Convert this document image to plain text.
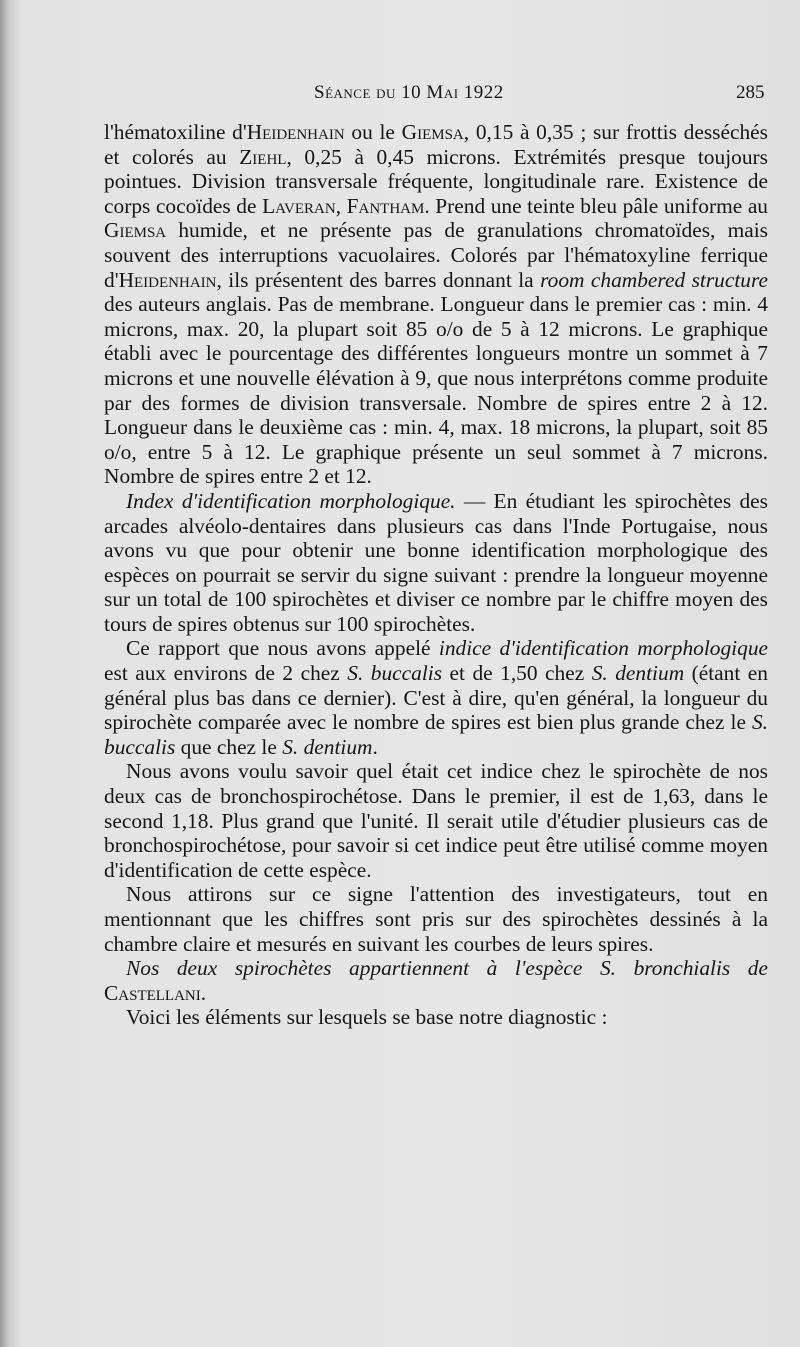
Séance du 10 Mai 1922	285

l'hématoxiline d'Heidenhain ou le Giemsa, 0,15 à 0,35 ; sur frottis desséchés et colorés au Ziehl, 0,25 à 0,45 microns. Extrémités presque toujours pointues. Division transversale fréquente, longitudinale rare. Existence de corps cocoïdes de Laveran, Fantham. Prend une teinte bleu pâle uniforme au Giemsa humide, et ne présente pas de granulations chromatoïdes, mais souvent des interruptions vacuolaires. Colorés par l'hématoxyline ferrique d'Heidenhain, ils présentent des barres donnant la room chambered structure des auteurs anglais. Pas de membrane. Longueur dans le premier cas : min. 4 microns, max. 20, la plupart soit 85 o/o de 5 à 12 microns. Le graphique établi avec le pourcentage des différentes longueurs montre un sommet à 7 microns et une nouvelle élévation à 9, que nous interprétons comme produite par des formes de division transversale. Nombre de spires entre 2 à 12. Longueur dans le deuxième cas : min. 4, max. 18 microns, la plupart, soit 85 o/o, entre 5 à 12. Le graphique présente un seul sommet à 7 microns. Nombre de spires entre 2 et 12.

Index d'identification morphologique. — En étudiant les spirochètes des arcades alvéolo-dentaires dans plusieurs cas dans l'Inde Portugaise, nous avons vu que pour obtenir une bonne identification morphologique des espèces on pourrait se servir du signe suivant : prendre la longueur moyenne sur un total de 100 spirochètes et diviser ce nombre par le chiffre moyen des tours de spires obtenus sur 100 spirochètes.

Ce rapport que nous avons appelé indice d'identification morphologique est aux environs de 2 chez S. buccalis et de 1,50 chez S. dentium (étant en général plus bas dans ce dernier). C'est à dire, qu'en général, la longueur du spirochète comparée avec le nombre de spires est bien plus grande chez le S. buccalis que chez le S. dentium.

Nous avons voulu savoir quel était cet indice chez le spirochète de nos deux cas de bronchospirochétose. Dans le premier, il est de 1,63, dans le second 1,18. Plus grand que l'unité. Il serait utile d'étudier plusieurs cas de bronchospirochétose, pour savoir si cet indice peut être utilisé comme moyen d'identification de cette espèce.

Nous attirons sur ce signe l'attention des investigateurs, tout en mentionnant que les chiffres sont pris sur des spirochètes dessinés à la chambre claire et mesurés en suivant les courbes de leurs spires.

Nos deux spirochètes appartiennent à l'espèce S. bronchialis de Castellani.

Voici les éléments sur lesquels se base notre diagnostic :
